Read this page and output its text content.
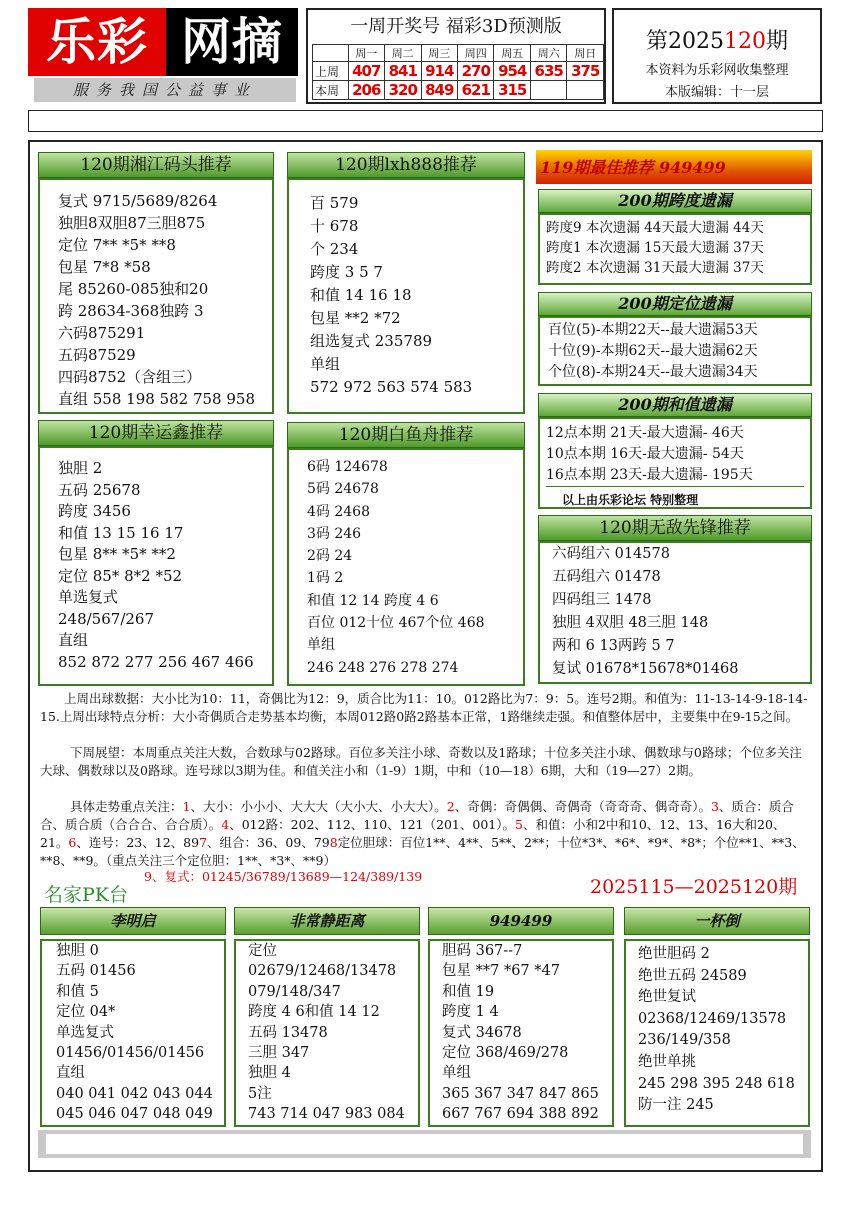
乐彩 网摘
服务我国公益事业
一周开奖号 福彩3D预测版
	周一	周二	周三	周四	周五	周六	周日
上周	407	841	914	270	954	635	375
本周	206	320	849	621	315		
第2025120期
本资料为乐彩网收集整理
本版编辑：十一层
120期湘江码头推荐
复式 9715/5689/8264
独胆8双胆87三胆875
定位 7** *5* **8
包星 7*8 *58
尾 85260-085独和20
跨 28634-368独跨 3
六码875291
五码87529
四码8752（含组三）
直组 558 198 582 758 958
120期lxh888推荐
百 579
十 678
个 234
跨度 3 5 7
和值 14 16 18
包星 **2 *72
组选复式 235789
单组
572 972 563 574 583
120期幸运鑫推荐
独胆 2
五码 25678
跨度 3456
和值 13 15 16 17
包星 8** *5* **2
定位 85* 8*2 *52
单选复式
248/567/267
直组
852 872 277 256 467 466
120期白鱼舟推荐
6码 124678
5码 24678
4码 2468
3码 246
2码 24
1码 2
和值 12 14 跨度 4 6
百位 012十位 467个位 468
单组
246 248 276 278 274
119期最佳推荐 949499
200期跨度遗漏
跨度9 本次遗漏 44天最大遗漏 44天
跨度1 本次遗漏 15天最大遗漏 37天
跨度2 本次遗漏 31天最大遗漏 37天
200期定位遗漏
百位(5)-本期22天--最大遗漏53天
十位(9)-本期62天--最大遗漏62天
个位(8)-本期24天--最大遗漏34天
200期和值遗漏
12点本期 21天-最大遗漏- 46天
10点本期 16天-最大遗漏- 54天
16点本期 23天-最大遗漏- 195天
以上由乐彩论坛 特别整理
120期无敌先锋推荐
六码组六 014578
五码组六 01478
四码组三 1478
独胆 4双胆 48三胆 148
两和 6 13两跨 5 7
复试 01678*15678*01468
上周出球数据：大小比为10：11，奇偶比为12：9，质合比为11：10。012路比为7：9：5。连号2期。和值为：11-13-14-9-18-14-15.上周出球特点分析：大小奇偶质合走势基本均衡，本周012路0路2路基本正常，1路继续走强。和值整体居中，主要集中在9-15之间。
下周展望：本周重点关注大数，合数球与02路球。百位多关注小球、奇数以及1路球；十位多关注小球、偶数球与0路球；个位多关注大球、偶数球以及0路球。连号球以3期为佳。和值关注小和（1-9）1期，中和（10—18）6期，大和（19—27）2期。
具体走势重点关注：1、大小：小小小、大大大（大小大、小大大）。2、奇偶：奇偶偶、奇偶奇（奇奇奇、偶奇奇）。3、质合：质合合、质合质（合合合、合合质）。4、012路：202、112、110、121（201、001）。5、和值：小和2中和10、12、13、16大和20、21。6、连号：23、12、897、组合：36、09、798定位胆球：百位1**、4**、5**、2**；十位*3*、*6*、*9*、*8*；个位**1、**3、**8、**9。（重点关注三个定位胆：1**、*3*、**9）
9、复式：01245/36789/13689—124/389/139
名家PK台	2025115—2025120期
李明启
独胆 0
五码 01456
和值 5
定位 04*
单选复式
01456/01456/01456
直组
040 041 042 043 044
045 046 047 048 049
非常静距离
定位
02679/12468/13478
079/148/347
跨度 4 6和值 14 12
五码 13478
三胆 347
独胆 4
5注
743 714 047 983 084
949499
胆码 367--7
包星 **7 *67 *47
和值 19
跨度 1 4
复式 34678
定位 368/469/278
单组
365 367 347 847 865
667 767 694 388 892
一杯倒
绝世胆码 2
绝世五码 24589
绝世复试
02368/12469/13578
236/149/358
绝世单挑
245 298 395 248 618
防一注 245
